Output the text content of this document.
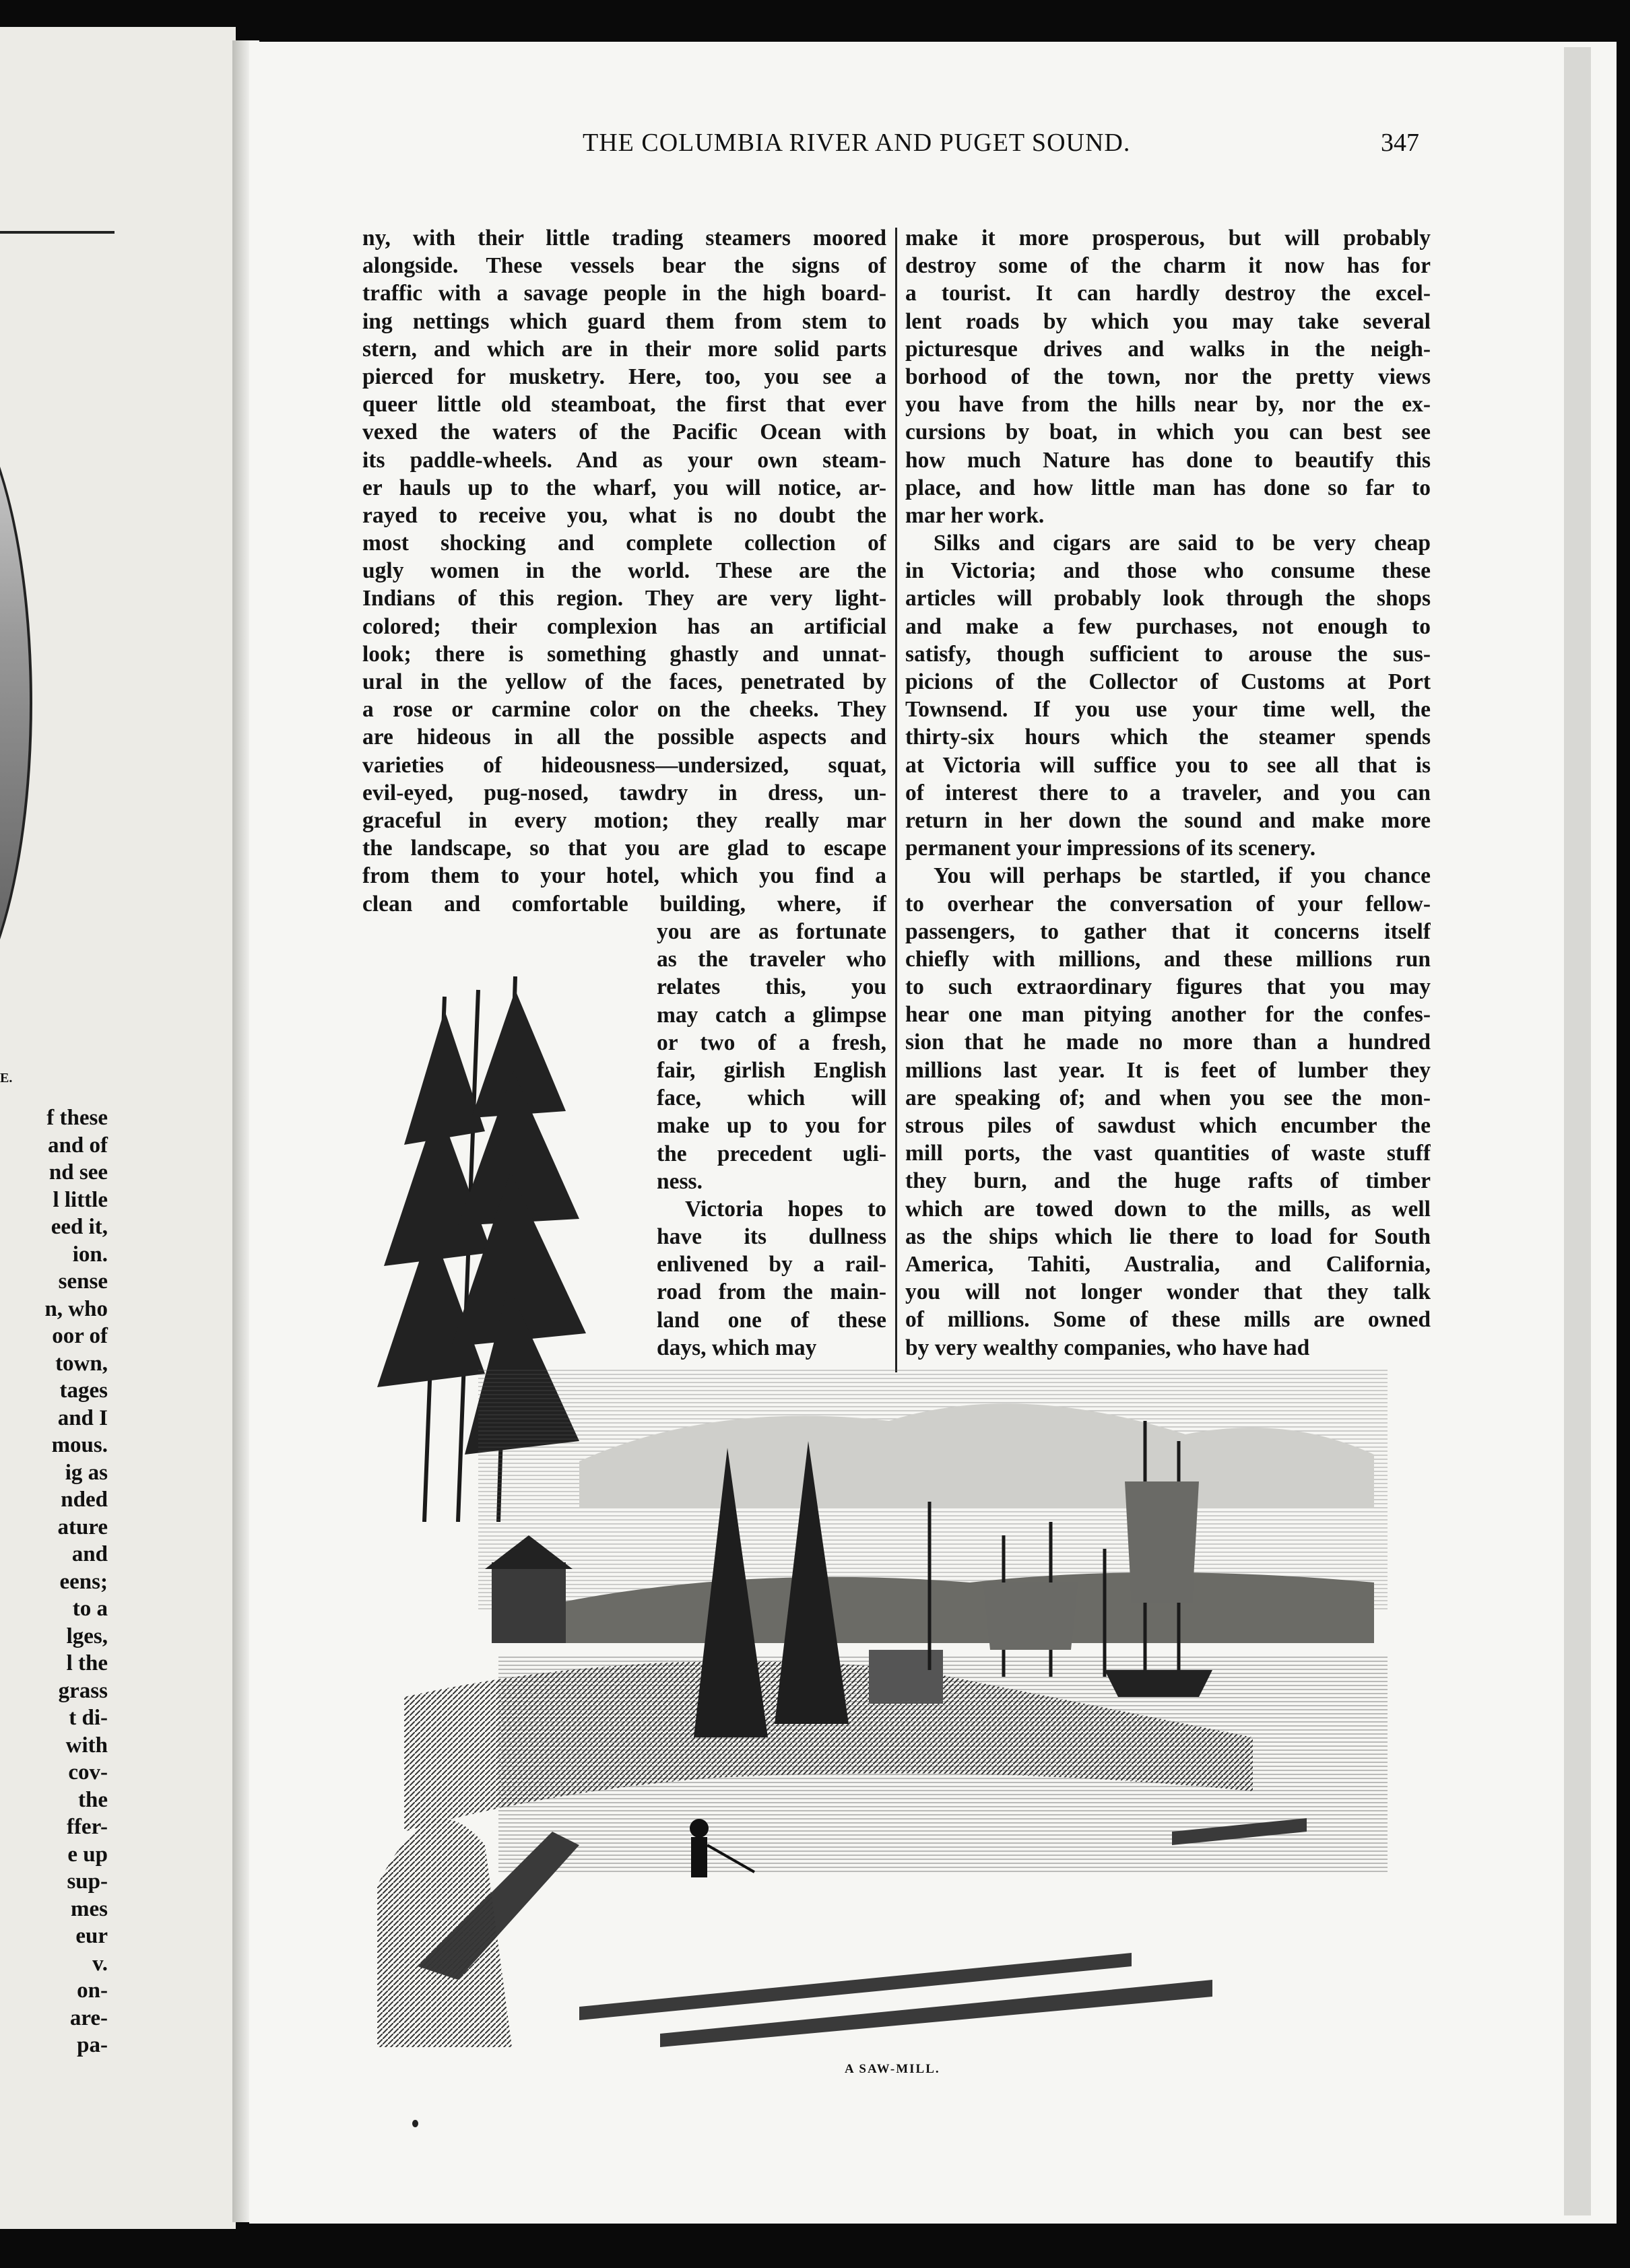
E.
f these
and of
nd see
l little
eed it,
ion.
sense
n, who
oor of
town,
tages
and I
mous.
ig as
nded
ature
and
eens;
to a
lges,
l the
grass
t di-
with
cov-
the
ffer-
e up
sup-
mes
eur
v.
on-
are-
pa-
THE COLUMBIA RIVER AND PUGET SOUND.	347
ny, with their little trading steamers moored
alongside. These vessels bear the signs of
traffic with a savage people in the high board-
ing nettings which guard them from stem to
stern, and which are in their more solid parts
pierced for musketry. Here, too, you see a
queer little old steamboat, the first that ever
vexed the waters of the Pacific Ocean with
its paddle-wheels. And as your own steam-
er hauls up to the wharf, you will notice, ar-
rayed to receive you, what is no doubt the
most shocking and complete collection of
ugly women in the world. These are the
Indians of this region. They are very light-
colored; their complexion has an artificial
look; there is something ghastly and unnat-
ural in the yellow of the faces, penetrated by
a rose or carmine color on the cheeks. They
are hideous in all the possible aspects and
varieties of hideousness—undersized, squat,
evil-eyed, pug-nosed, tawdry in dress, un-
graceful in every motion; they really mar
the landscape, so that you are glad to escape
from them to your hotel, which you find a
clean and comfortable building, where, if
you are as fortunate
as the traveler who
relates this, you
may catch a glimpse
or two of a fresh,
fair, girlish English
face, which will
make up to you for
the precedent ugli-
ness.
Victoria hopes to
have its dullness
enlivened by a rail-
road from the main-
land one of these
days, which may
make it more prosperous, but will probably
destroy some of the charm it now has for
a tourist. It can hardly destroy the excel-
lent roads by which you may take several
picturesque drives and walks in the neigh-
borhood of the town, nor the pretty views
you have from the hills near by, nor the ex-
cursions by boat, in which you can best see
how much Nature has done to beautify this
place, and how little man has done so far to
mar her work.
Silks and cigars are said to be very cheap
in Victoria; and those who consume these
articles will probably look through the shops
and make a few purchases, not enough to
satisfy, though sufficient to arouse the sus-
picions of the Collector of Customs at Port
Townsend. If you use your time well, the
thirty-six hours which the steamer spends
at Victoria will suffice you to see all that is
of interest there to a traveler, and you can
return in her down the sound and make more
permanent your impressions of its scenery.
You will perhaps be startled, if you chance
to overhear the conversation of your fellow-
passengers, to gather that it concerns itself
chiefly with millions, and these millions run
to such extraordinary figures that you may
hear one man pitying another for the confes-
sion that he made no more than a hundred
millions last year. It is feet of lumber they
are speaking of; and when you see the mon-
strous piles of sawdust which encumber the
mill ports, the vast quantities of waste stuff
they burn, and the huge rafts of timber
which are towed down to the mills, as well
as the ships which lie there to load for South
America, Tahiti, Australia, and California,
you will not longer wonder that they talk
of millions. Some of these mills are owned
by very wealthy companies, who have had
A SAW-MILL.
